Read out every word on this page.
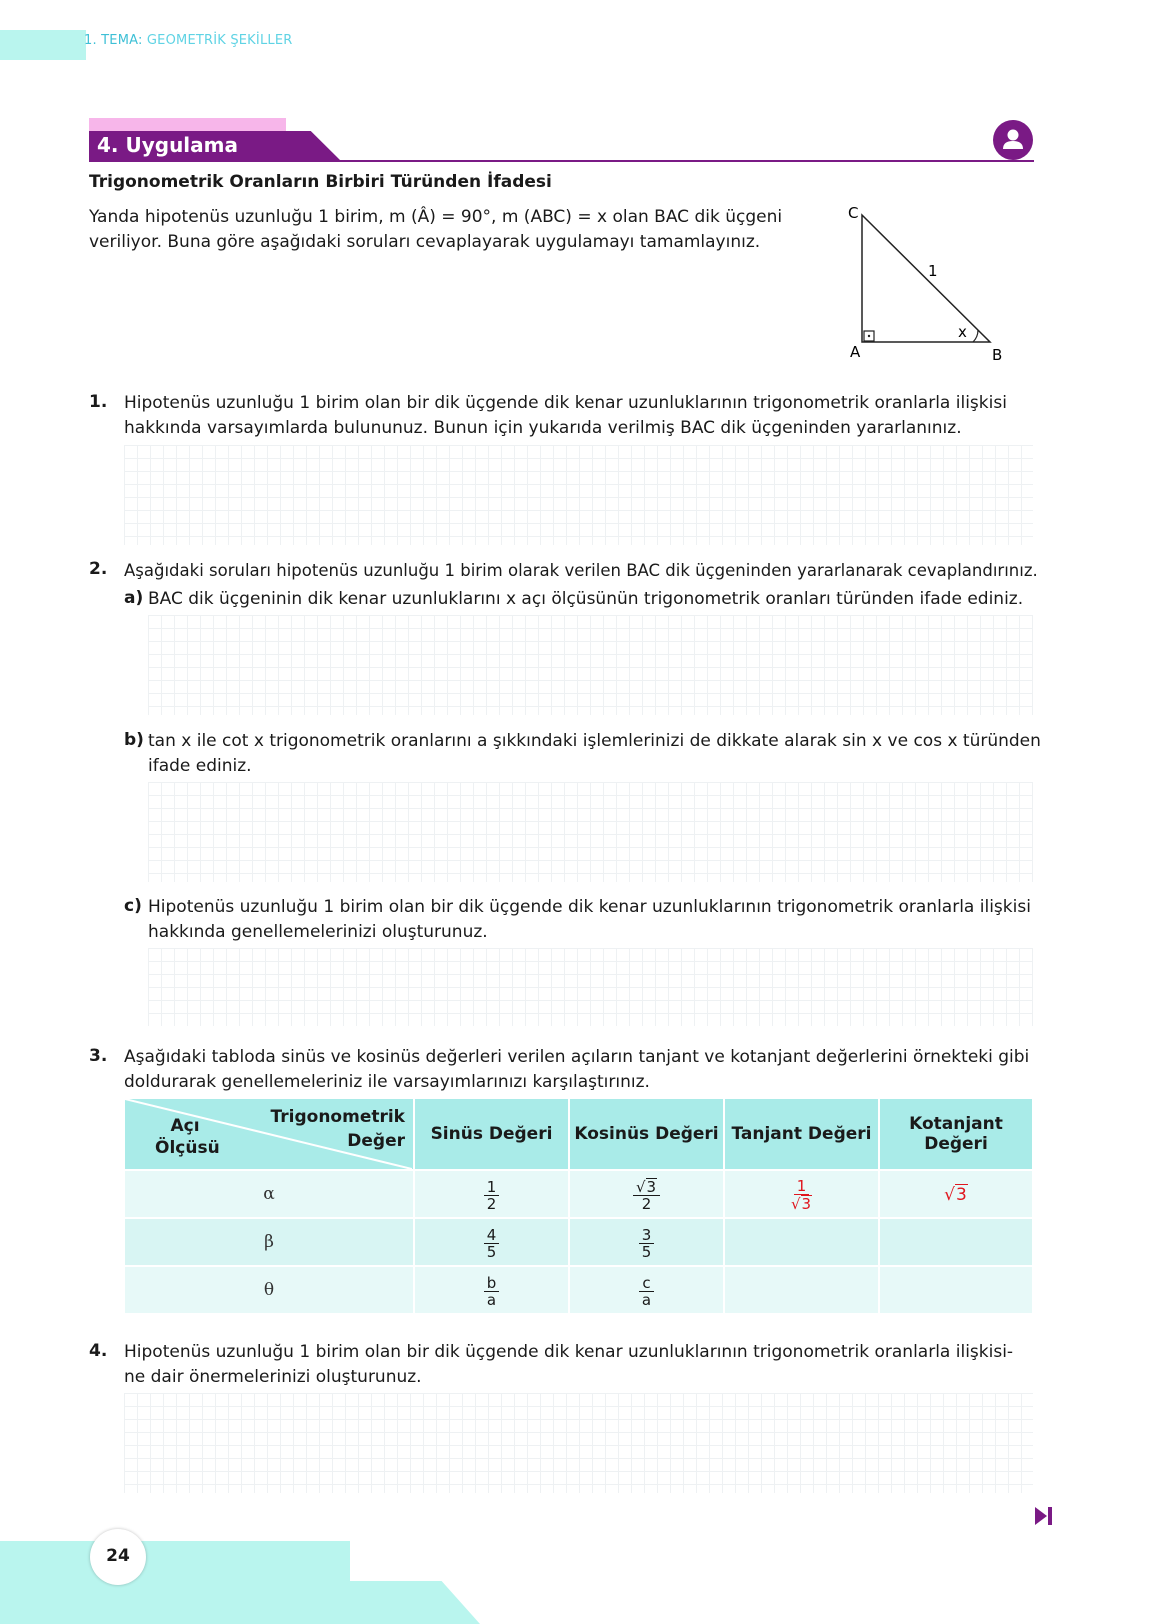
1. TEMA: GEOMETRİK ŞEKİLLER
4. Uygulama
Trigonometrik Oranların Birbiri Türünden İfadesi
Yanda hipotenüs uzunluğu 1 birim, m (Â) = 90°, m (ABC) = x olan BAC dik üçgeni
veriliyor. Buna göre aşağıdaki soruları cevaplayarak uygulamayı tamamlayınız.
C
A	B
1
x
1. Hipotenüs uzunluğu 1 birim olan bir dik üçgende dik kenar uzunluklarının trigonometrik oranlarla ilişkisi
hakkında varsayımlarda bulununuz. Bunun için yukarıda verilmiş BAC dik üçgeninden yararlanınız.
2. Aşağıdaki soruları hipotenüs uzunluğu 1 birim olarak verilen BAC dik üçgeninden yararlanarak cevaplandırınız.
a) BAC dik üçgeninin dik kenar uzunluklarını x açı ölçüsünün trigonometrik oranları türünden ifade ediniz.
b) tan x ile cot x trigonometrik oranlarını a şıkkındaki işlemlerinizi de dikkate alarak sin x ve cos x türünden
ifade ediniz.
c) Hipotenüs uzunluğu 1 birim olan bir dik üçgende dik kenar uzunluklarının trigonometrik oranlarla ilişkisi
hakkında genellemelerinizi oluşturunuz.
3. Aşağıdaki tabloda sinüs ve kosinüs değerleri verilen açıların tanjant ve kotanjant değerlerini örnekteki gibi
doldurarak genellemeleriniz ile varsayımlarınızı karşılaştırınız.
Açı Ölçüsü
Trigonometrik Değer	Sinüs Değeri	Kosinüs Değeri	Tanjant Değeri	Kotanjant Değeri
α	$\frac{1}{2}$	$\frac{√ 3}{2}$	$\frac{1}{√ 3}$	√ 3

β	$\frac{4}{5}$	$\frac{3}{5}$

θ	$\frac{b}{a}$	$\frac{c}{a}$

4. Hipotenüs uzunluğu 1 birim olan bir dik üçgende dik kenar uzunluklarının trigonometrik oranlarla ilişkisi-
ne dair önermelerinizi oluşturunuz.
24
